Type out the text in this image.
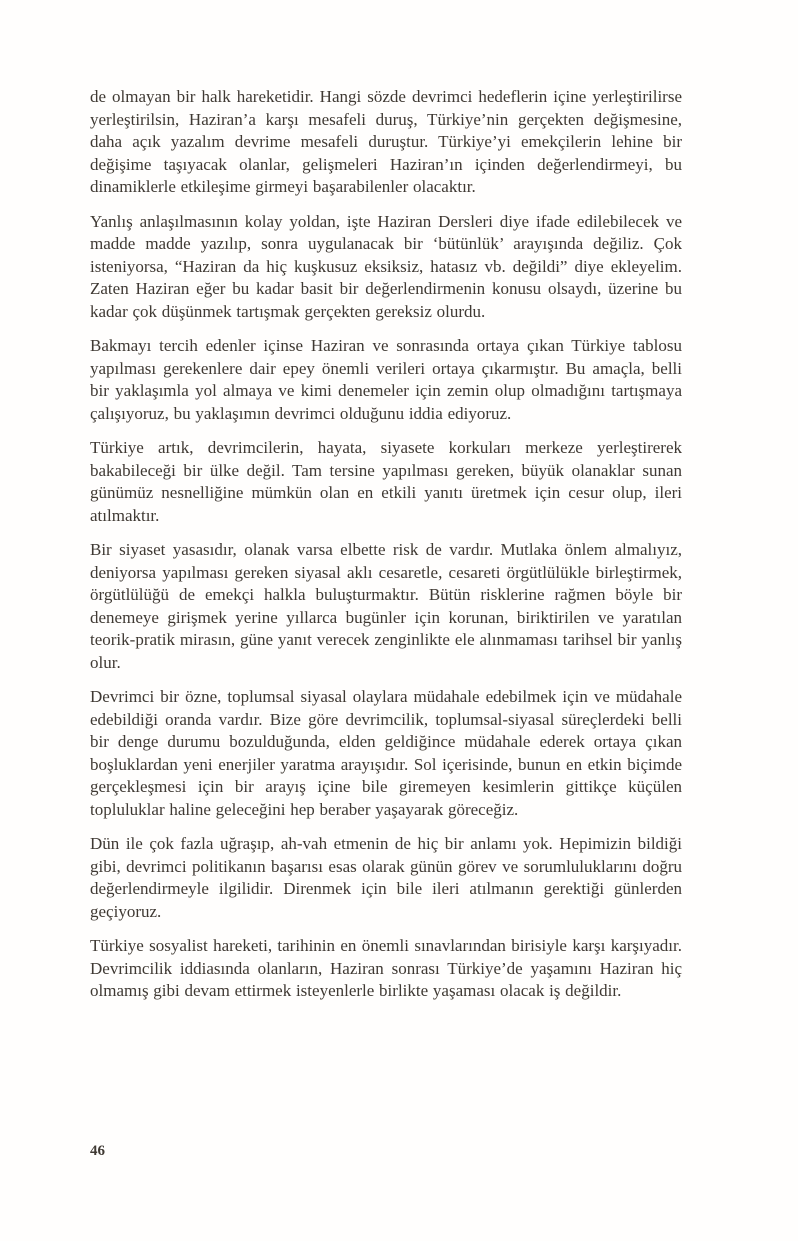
de olmayan bir halk hareketidir. Hangi sözde devrimci hedeflerin içine yerleştirilirse yerleştirilsin, Haziran’a karşı mesafeli duruş, Türkiye’nin gerçekten değişmesine, daha açık yazalım devrime mesafeli duruştur. Türkiye’yi emekçilerin lehine bir değişime taşıyacak olanlar, gelişmeleri Haziran’ın içinden değerlendirmeyi, bu dinamiklerle etkileşime girmeyi başarabilenler olacaktır.

Yanlış anlaşılmasının kolay yoldan, işte Haziran Dersleri diye ifade edilebilecek ve madde madde yazılıp, sonra uygulanacak bir ‘bütünlük’ arayışında değiliz. Çok isteniyorsa, “Haziran da hiç kuşkusuz eksiksiz, hatasız vb. değildi” diye ekleyelim. Zaten Haziran eğer bu kadar basit bir değerlendirmenin konusu olsaydı, üzerine bu kadar çok düşünmek tartışmak gerçekten gereksiz olurdu.

Bakmayı tercih edenler içinse Haziran ve sonrasında ortaya çıkan Türkiye tablosu yapılması gerekenlere dair epey önemli verileri ortaya çıkarmıştır. Bu amaçla, belli bir yaklaşımla yol almaya ve kimi denemeler için zemin olup olmadığını tartışmaya çalışıyoruz, bu yaklaşımın devrimci olduğunu iddia ediyoruz.

Türkiye artık, devrimcilerin, hayata, siyasete korkuları merkeze yerleştirerek bakabileceği bir ülke değil. Tam tersine yapılması gereken, büyük olanaklar sunan günümüz nesnelliğine mümkün olan en etkili yanıtı üretmek için cesur olup, ileri atılmaktır.

Bir siyaset yasasıdır, olanak varsa elbette risk de vardır. Mutlaka önlem almalıyız, deniyorsa yapılması gereken siyasal aklı cesaretle, cesareti örgütlülükle birleştirmek, örgütlülüğü de emekçi halkla buluşturmaktır. Bütün risklerine rağmen böyle bir denemeye girişmek yerine yıllarca bugünler için korunan, biriktirilen ve yaratılan teorik-pratik mirasın, güne yanıt verecek zenginlikte ele alınmaması tarihsel bir yanlış olur.

Devrimci bir özne, toplumsal siyasal olaylara müdahale edebilmek için ve müdahale edebildiği oranda vardır. Bize göre devrimcilik, toplumsal-siyasal süreçlerdeki belli bir denge durumu bozulduğunda, elden geldiğince müdahale ederek ortaya çıkan boşluklardan yeni enerjiler yaratma arayışıdır. Sol içerisinde, bunun en etkin biçimde gerçekleşmesi için bir arayış içine bile giremeyen kesimlerin gittikçe küçülen topluluklar haline geleceğini hep beraber yaşayarak göreceğiz.

Dün ile çok fazla uğraşıp, ah-vah etmenin de hiç bir anlamı yok. Hepimizin bildiği gibi, devrimci politikanın başarısı esas olarak günün görev ve sorumluluklarını doğru değerlendirmeyle ilgilidir. Direnmek için bile ileri atılmanın gerektiği günlerden geçiyoruz.

Türkiye sosyalist hareketi, tarihinin en önemli sınavlarından birisiyle karşı karşıyadır. Devrimcilik iddiasında olanların, Haziran sonrası Türkiye’de yaşamını Haziran hiç olmamış gibi devam ettirmek isteyenlerle birlikte yaşaması olacak iş değildir.

46
